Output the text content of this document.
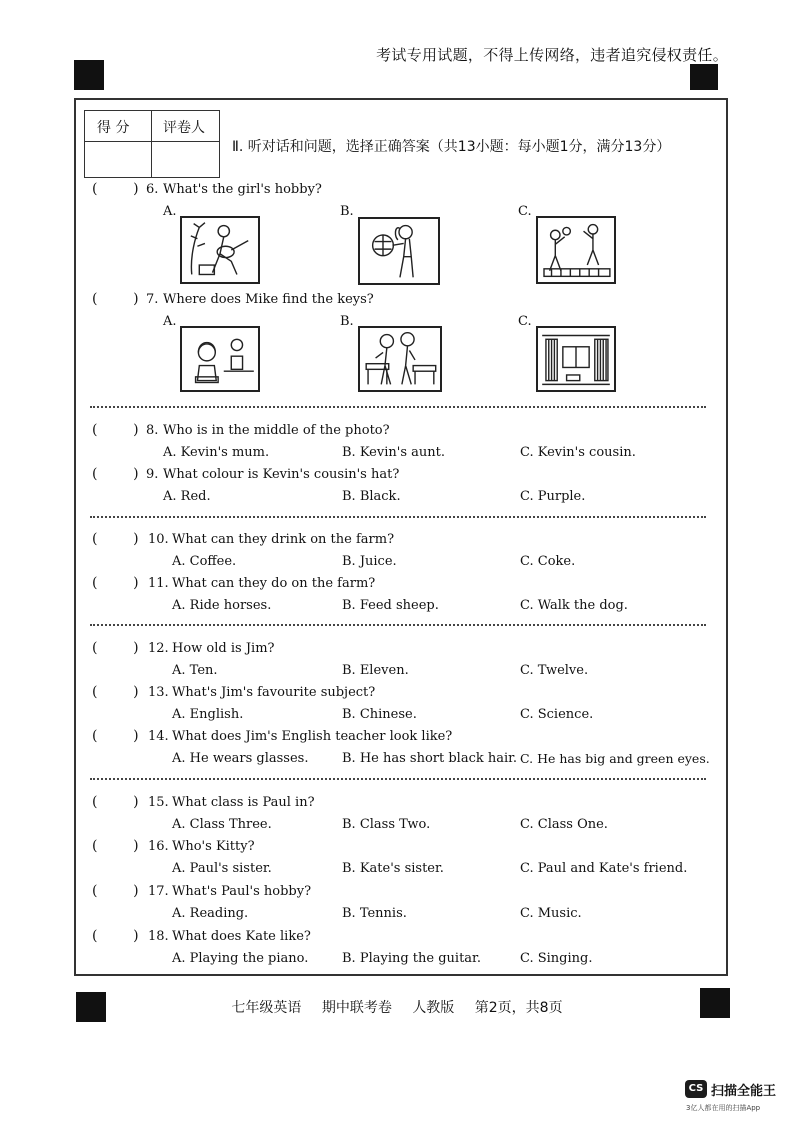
考试专用试题，不得上传网络，违者追究侵权责任。
得 分 评卷人
Ⅱ. 听对话和问题，选择正确答案（共13小题：每小题1分，满分13分）
(        ) 6. What's the girl's hobby?
A.	B.	C.
(        ) 7. Where does Mike find the keys?
A.	B.	C.
(        ) 8. Who is in the middle of the photo?
A. Kevin's mum.	B. Kevin's aunt.	C. Kevin's cousin.
(        ) 9. What colour is Kevin's cousin's hat?
A. Red.	B. Black.	C. Purple.
(        ) 10. What can they drink on the farm?
A. Coffee.	B. Juice.	C. Coke.
(        ) 11. What can they do on the farm?
A. Ride horses.	B. Feed sheep.	C. Walk the dog.
(        ) 12. How old is Jim?
A. Ten.	B. Eleven.	C. Twelve.
(        ) 13. What's Jim's favourite subject?
A. English.	B. Chinese.	C. Science.
(        ) 14. What does Jim's English teacher look like?
A. He wears glasses.	B. He has short black hair. C. He has big and green eyes.
(        ) 15. What class is Paul in?
A. Class Three.	B. Class Two.	C. Class One.
(        ) 16. Who's Kitty?
A. Paul's sister.	B. Kate's sister.	C. Paul and Kate's friend.
(        ) 17. What's Paul's hobby?
A. Reading.	B. Tennis.	C. Music.
(        ) 18. What does Kate like?
A. Playing the piano.	B. Playing the guitar.	C. Singing.
七年级英语 期中联考卷 人教版 第2页，共8页
CS 扫描全能王
3亿人都在用的扫描App
